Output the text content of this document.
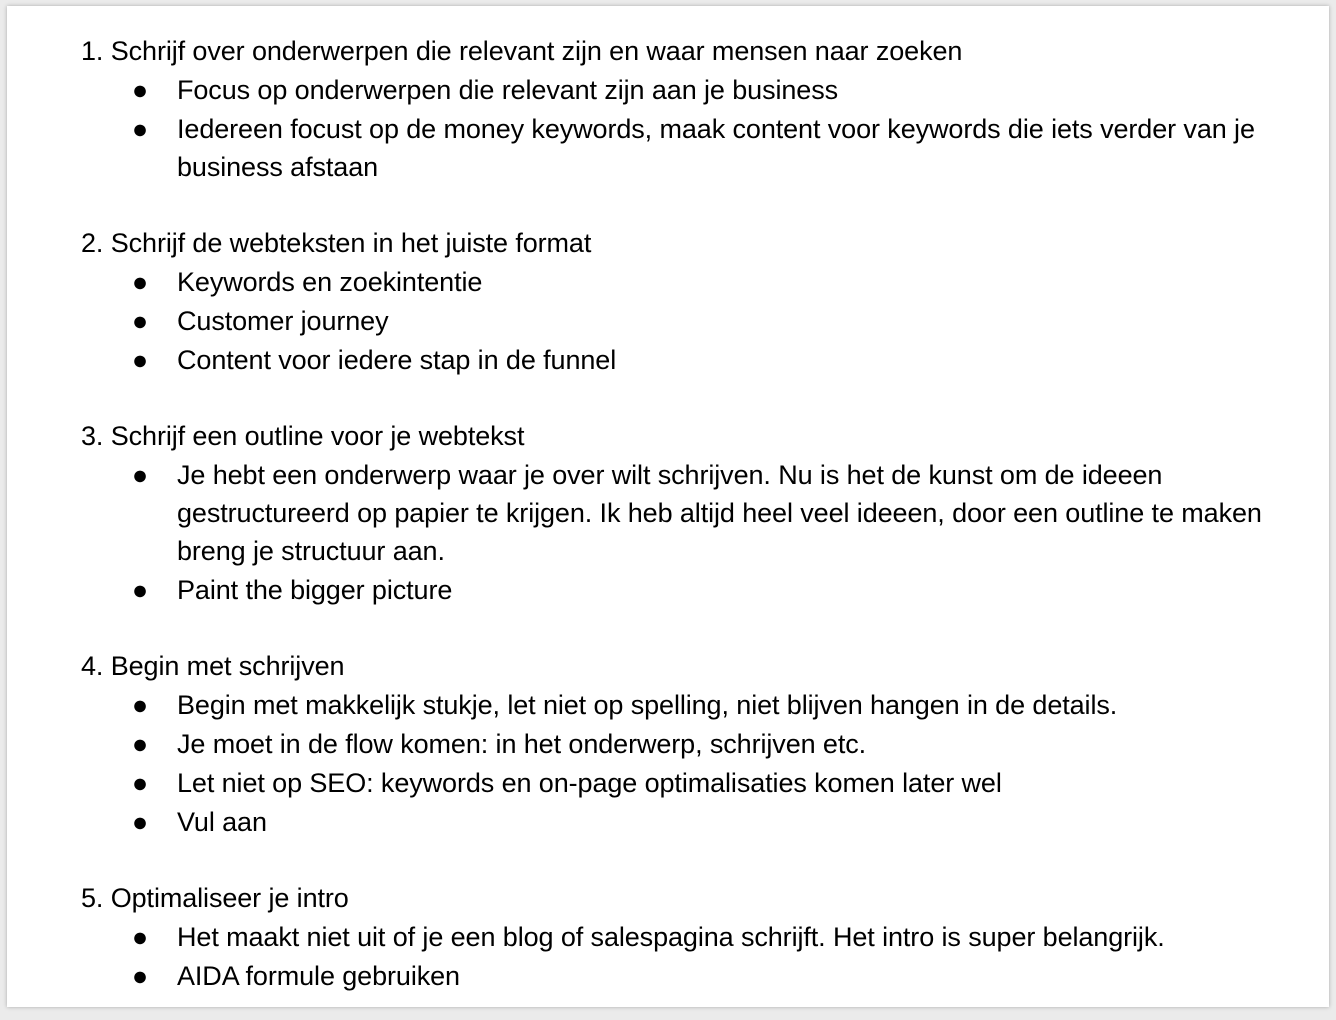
1. Schrijf over onderwerpen die relevant zijn en waar mensen naar zoeken
● Focus op onderwerpen die relevant zijn aan je business
● Iedereen focust op de money keywords, maak content voor keywords die iets verder van je business afstaan
2. Schrijf de webteksten in het juiste format
● Keywords en zoekintentie
● Customer journey
● Content voor iedere stap in de funnel
3. Schrijf een outline voor je webtekst
● Je hebt een onderwerp waar je over wilt schrijven. Nu is het de kunst om de ideeen gestructureerd op papier te krijgen. Ik heb altijd heel veel ideeen, door een outline te maken breng je structuur aan.
● Paint the bigger picture
4. Begin met schrijven
● Begin met makkelijk stukje, let niet op spelling, niet blijven hangen in de details.
● Je moet in de flow komen: in het onderwerp, schrijven etc.
● Let niet op SEO: keywords en on-page optimalisaties komen later wel
● Vul aan
5. Optimaliseer je intro
● Het maakt niet uit of je een blog of salespagina schrijft. Het intro is super belangrijk.
● AIDA formule gebruiken
